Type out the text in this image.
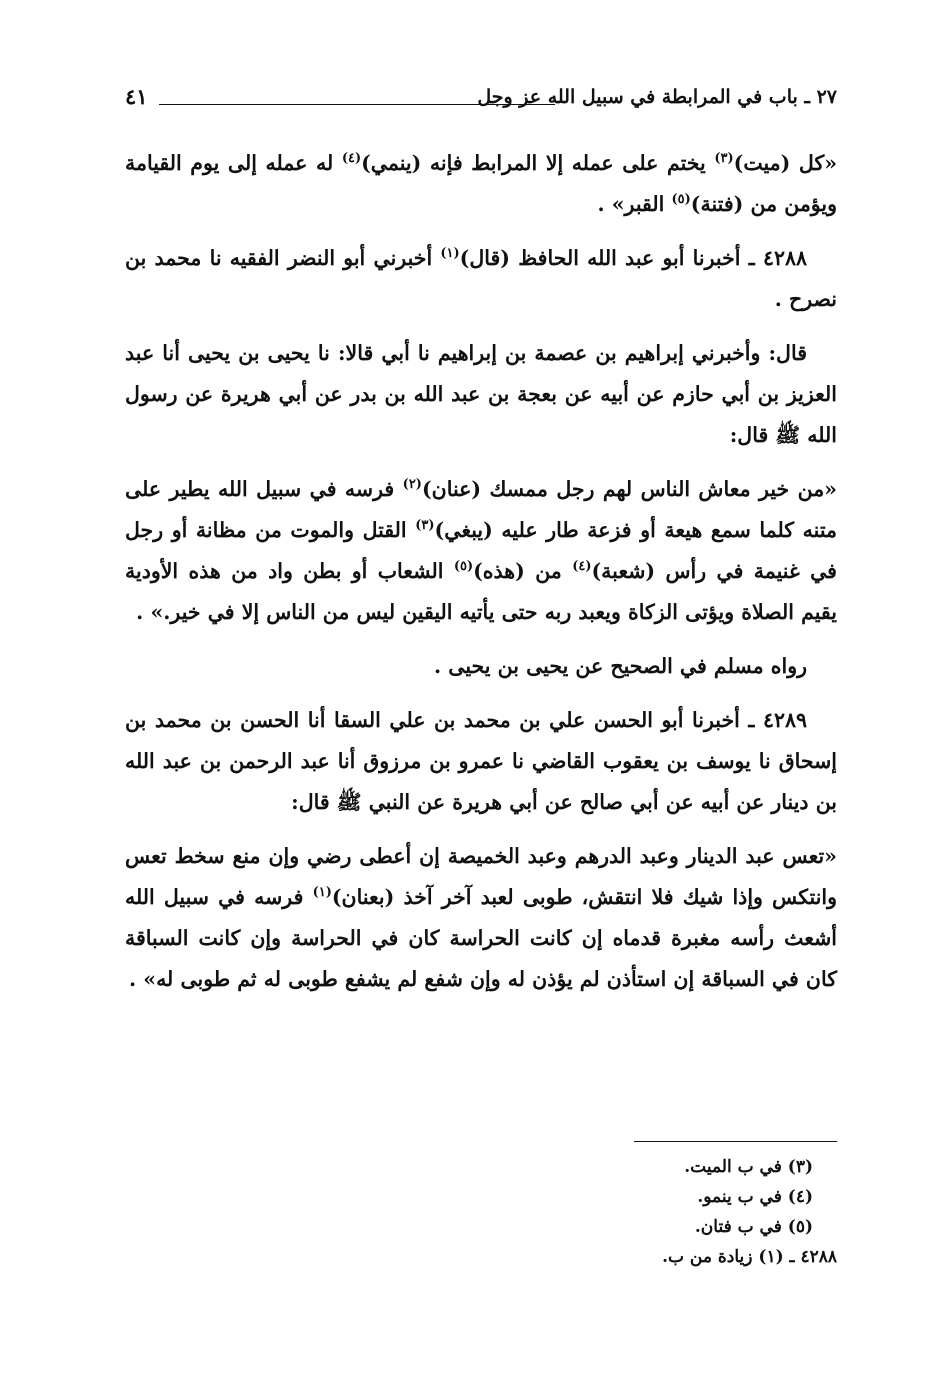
٢٧ ـ باب في المرابطة في سبيل الله عز وجل
٤١

«كل (ميت)$^{(٣)}$ يختم على عمله إلا المرابط فإنه (ينمي)$^{(٤)}$ له عمله إلى يوم القيامة ويؤمن من (فتنة)$^{(٥)}$ القبر» .

٤٢٨٨ ـ أخبرنا أبو عبد الله الحافظ (قال)$^{(١)}$ أخبرني أبو النضر الفقيه نا محمد بن نصرح .

قال: وأخبرني إبراهيم بن عصمة بن إبراهيم نا أبي قالا: نا يحيى بن يحيى أنا عبد العزيز بن أبي حازم عن أبيه عن بعجة بن عبد الله بن بدر عن أبي هريرة عن رسول الله ﷺ قال:

«من خير معاش الناس لهم رجل ممسك (عنان)$^{(٢)}$ فرسه في سبيل الله يطير على متنه كلما سمع هيعة أو فزعة طار عليه (يبغي)$^{(٣)}$ القتل والموت من مظانة أو رجل في غنيمة في رأس (شعبة)$^{(٤)}$ من (هذه)$^{(٥)}$ الشعاب أو بطن واد من هذه الأودية يقيم الصلاة ويؤتى الزكاة ويعبد ربه حتى يأتيه اليقين ليس من الناس إلا في خير.» .

رواه مسلم في الصحيح عن يحيى بن يحيى .

٤٢٨٩ ـ أخبرنا أبو الحسن علي بن محمد بن علي السقا أنا الحسن بن محمد بن إسحاق نا يوسف بن يعقوب القاضي نا عمرو بن مرزوق أنا عبد الرحمن بن عبد الله بن دينار عن أبيه عن أبي صالح عن أبي هريرة عن النبي ﷺ قال:

«تعس عبد الدينار وعبد الدرهم وعبد الخميصة إن أعطى رضي وإن منع سخط تعس وانتكس وإذا شيك فلا انتقش، طوبى لعبد آخر آخذ (بعنان)$^{(١)}$ فرسه في سبيل الله أشعث رأسه مغبرة قدماه إن كانت الحراسة كان في الحراسة وإن كانت السباقة كان في السباقة إن استأذن لم يؤذن له وإن شفع لم يشفع طوبى له ثم طوبى له» .

(٣) في ب الميت.
(٤) في ب ينمو.
(٥) في ب فتان.
٤٢٨٨ ـ (١) زيادة من ب.
